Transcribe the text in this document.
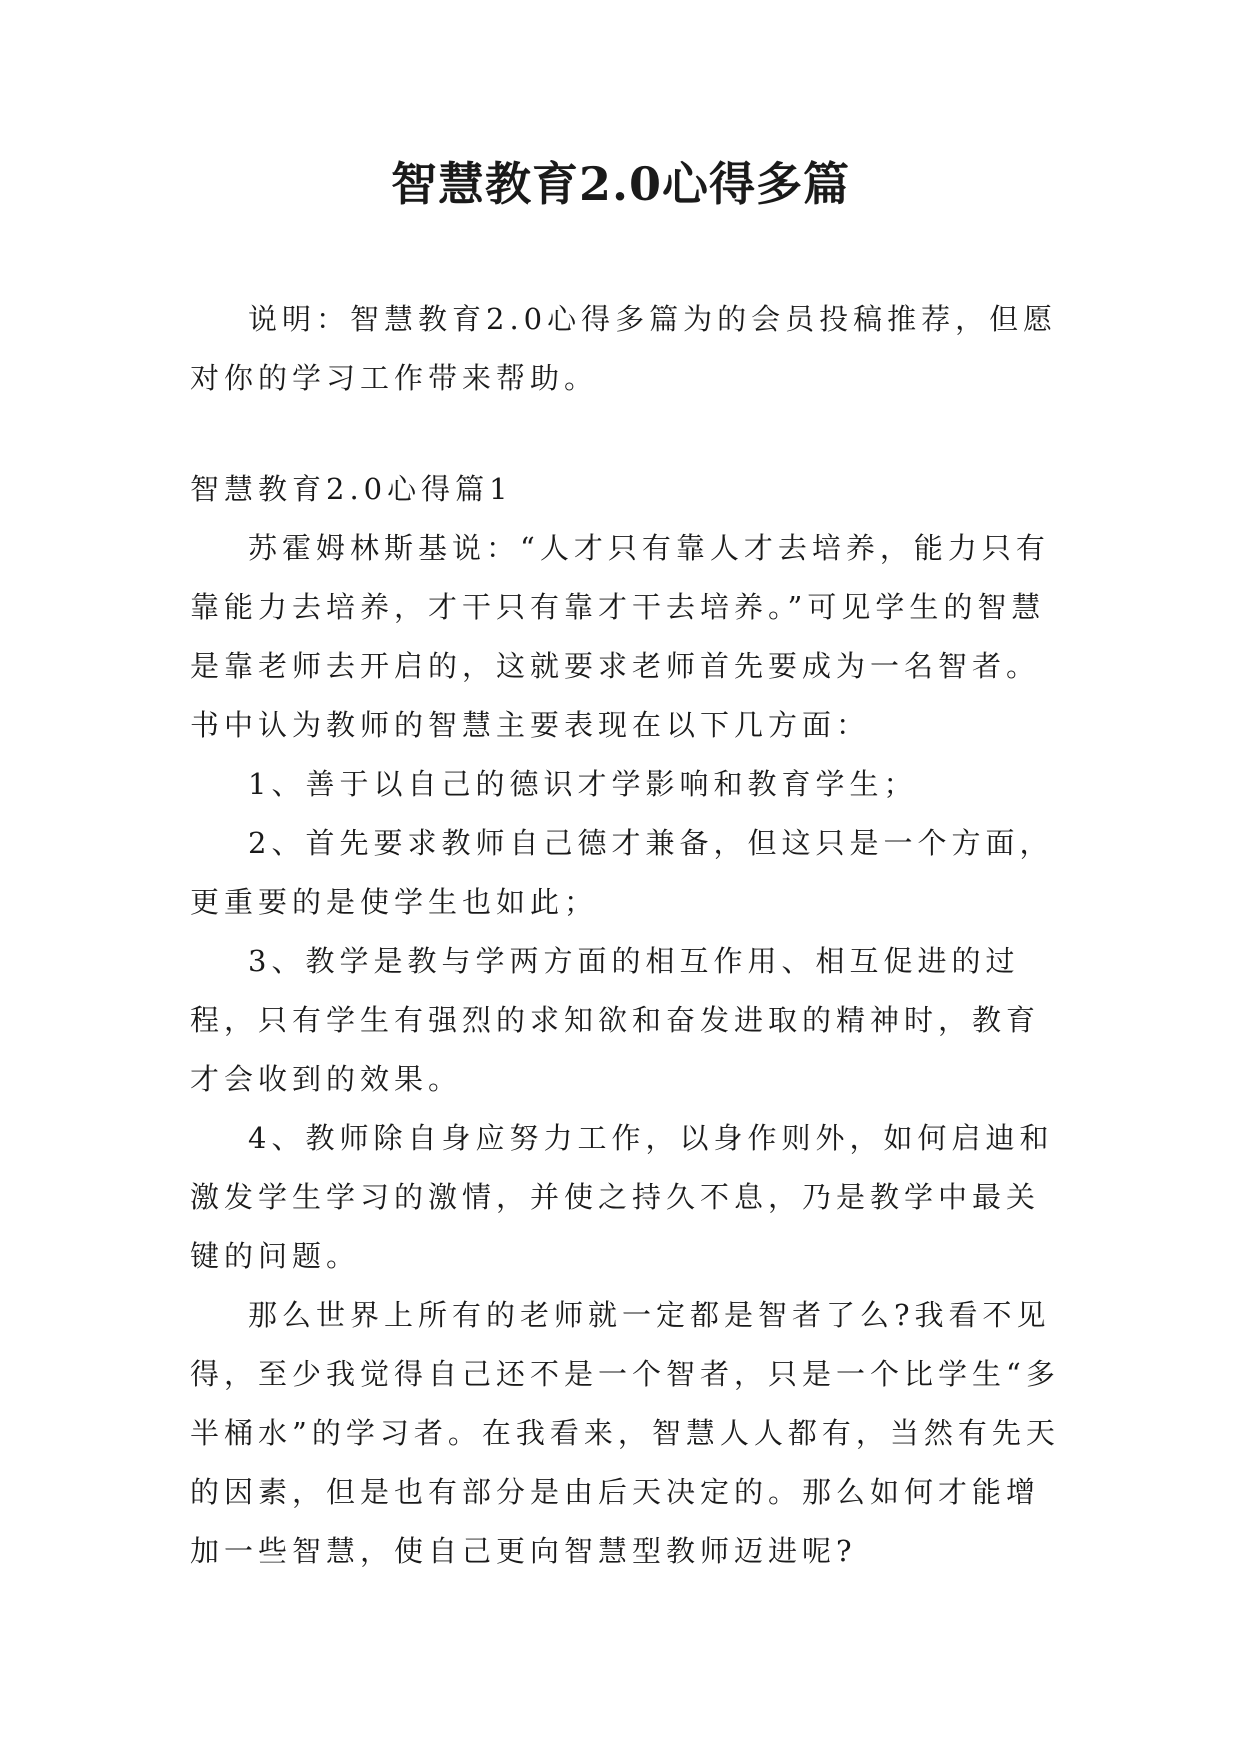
智慧教育2.0心得多篇

说明：智慧教育2.0心得多篇为的会员投稿推荐，但愿对你的学习工作带来帮助。

智慧教育2.0心得篇1

苏霍姆林斯基说：“人才只有靠人才去培养，能力只有靠能力去培养，才干只有靠才干去培养。”可见学生的智慧是靠老师去开启的，这就要求老师首先要成为一名智者。书中认为教师的智慧主要表现在以下几方面：

1、善于以自己的德识才学影响和教育学生；

2、首先要求教师自己德才兼备，但这只是一个方面，更重要的是使学生也如此；

3、教学是教与学两方面的相互作用、相互促进的过程，只有学生有强烈的求知欲和奋发进取的精神时，教育才会收到的效果。

4、教师除自身应努力工作，以身作则外，如何启迪和激发学生学习的激情，并使之持久不息，乃是教学中最关键的问题。

那么世界上所有的老师就一定都是智者了么?我看不见得，至少我觉得自己还不是一个智者，只是一个比学生“多半桶水”的学习者。在我看来，智慧人人都有，当然有先天的因素，但是也有部分是由后天决定的。那么如何才能增加一些智慧，使自己更向智慧型教师迈进呢?
